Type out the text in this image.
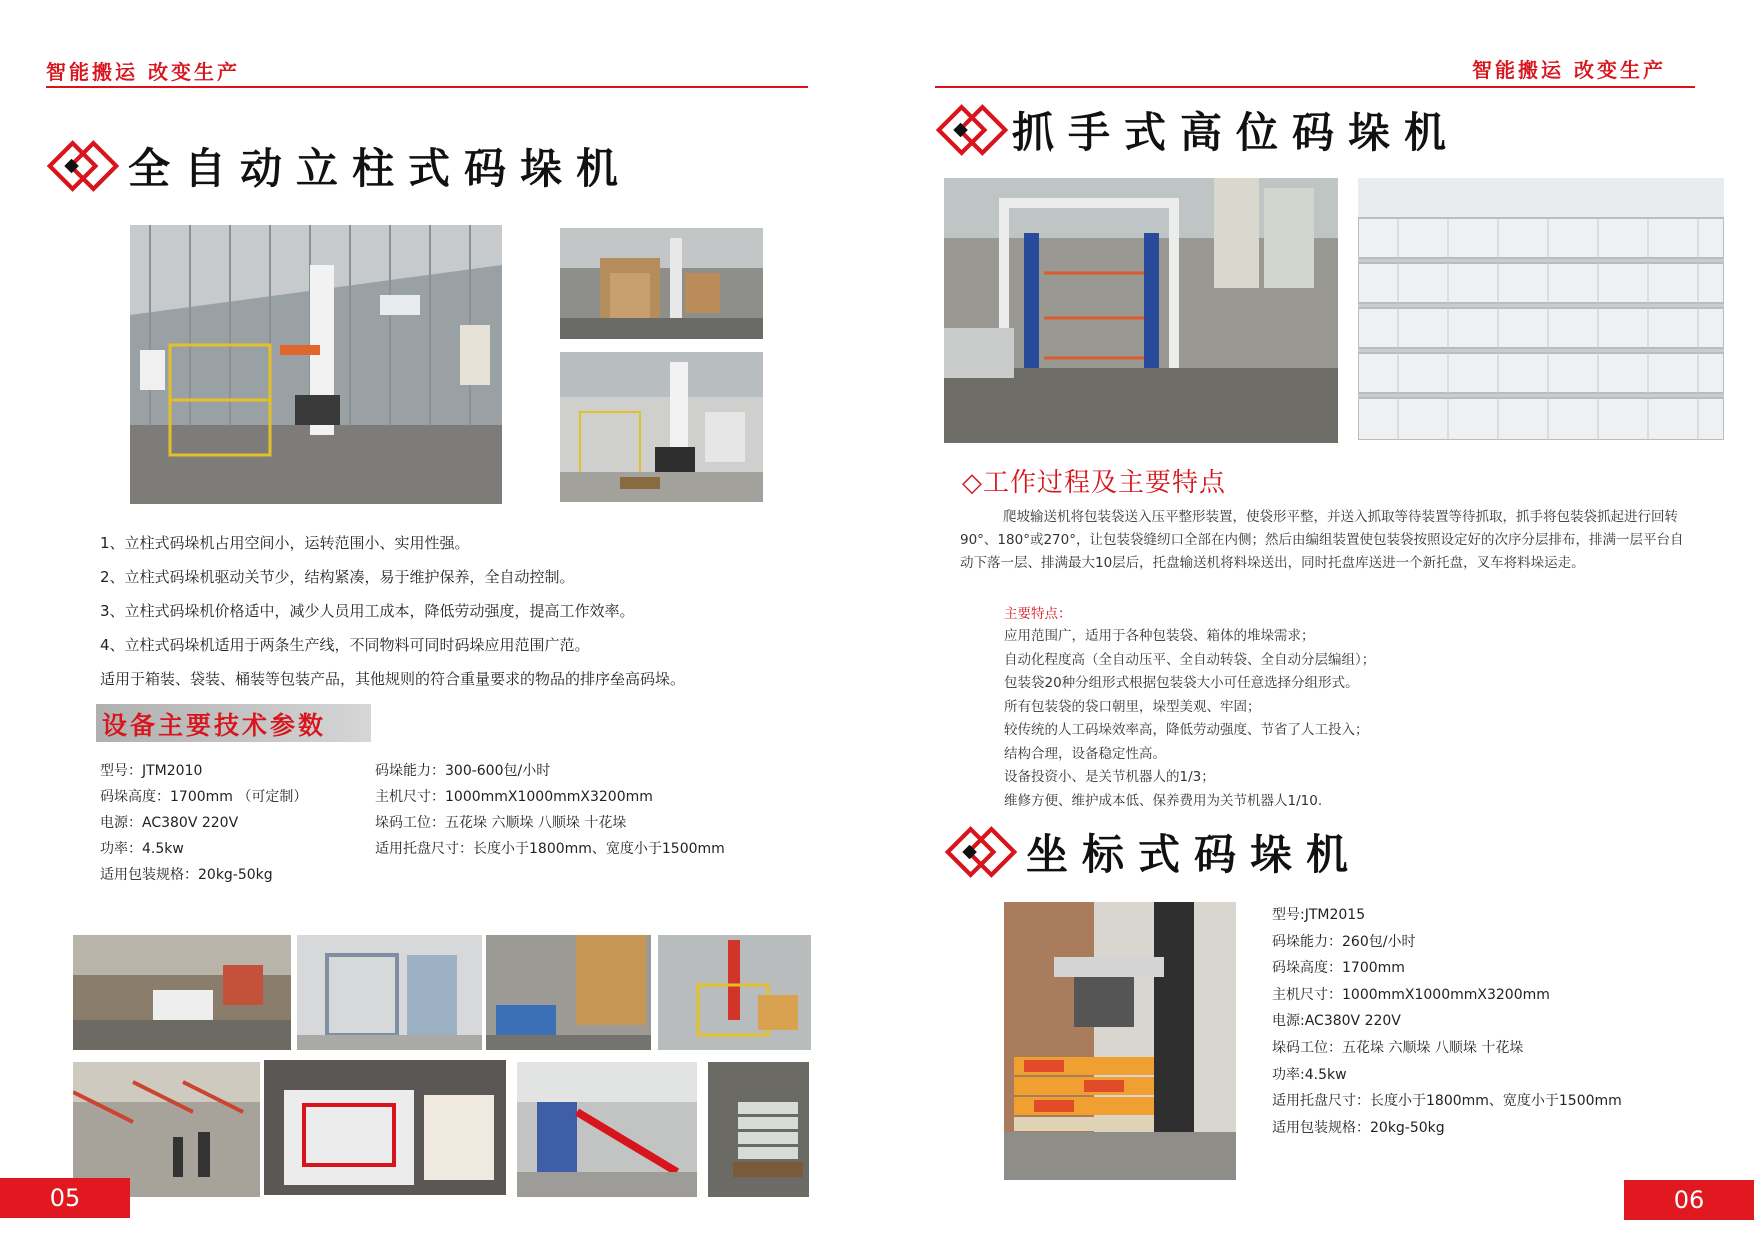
智能搬运 改变生产
全自动立柱式码垛机

1、立柱式码垛机占用空间小，运转范围小、实用性强。

2、立柱式码垛机驱动关节少，结构紧凑，易于维护保养，全自动控制。

3、立柱式码垛机价格适中，减少人员用工成本，降低劳动强度，提高工作效率。

4、立柱式码垛机适用于两条生产线，不同物料可同时码垛应用范围广范。

适用于箱装、袋装、桶装等包装产品，其他规则的符合重量要求的物品的排序垒高码垛。

设备主要技术参数
型号：JTM2010
码垛高度：1700mm （可定制）
电源：AC380V 220V
功率：4.5kw
适用包装规格：20kg-50kg
码垛能力：300-600包/小时
主机尺寸：1000mmX1000mmX3200mm
垛码工位：五花垛 六顺垛 八顺垛 十花垛
适用托盘尺寸：长度小于1800mm、宽度小于1500mm
05
智能搬运 改变生产
抓手式高位码垛机
◇工作过程及主要特点
爬坡输送机将包装袋送入压平整形装置，使袋形平整，并送入抓取等待装置等待抓取，抓手将包装袋抓起进行回转90°、180°或270°，让包装袋缝纫口全部在内侧；然后由编组装置使包装袋按照设定好的次序分层排布，排满一层平台自动下落一层、排满最大10层后，托盘输送机将料垛送出，同时托盘库送进一个新托盘，叉车将料垛运走。
主要特点：
应用范围广，适用于各种包装袋、箱体的堆垛需求；
自动化程度高（全自动压平、全自动转袋、全自动分层编组）；
包装袋20种分组形式根据包装袋大小可任意选择分组形式。
所有包装袋的袋口朝里，垛型美观、牢固；
较传统的人工码垛效率高，降低劳动强度、节省了人工投入；
结构合理，设备稳定性高。
设备投资小、是关节机器人的1/3；
维修方便、维护成本低、保养费用为关节机器人1/10.
坐标式码垛机
型号:JTM2015
码垛能力：260包/小时
码垛高度：1700mm
主机尺寸：1000mmX1000mmX3200mm
电源:AC380V 220V
垛码工位：五花垛 六顺垛 八顺垛 十花垛
功率:4.5kw
适用托盘尺寸：长度小于1800mm、宽度小于1500mm
适用包装规格：20kg-50kg
06
